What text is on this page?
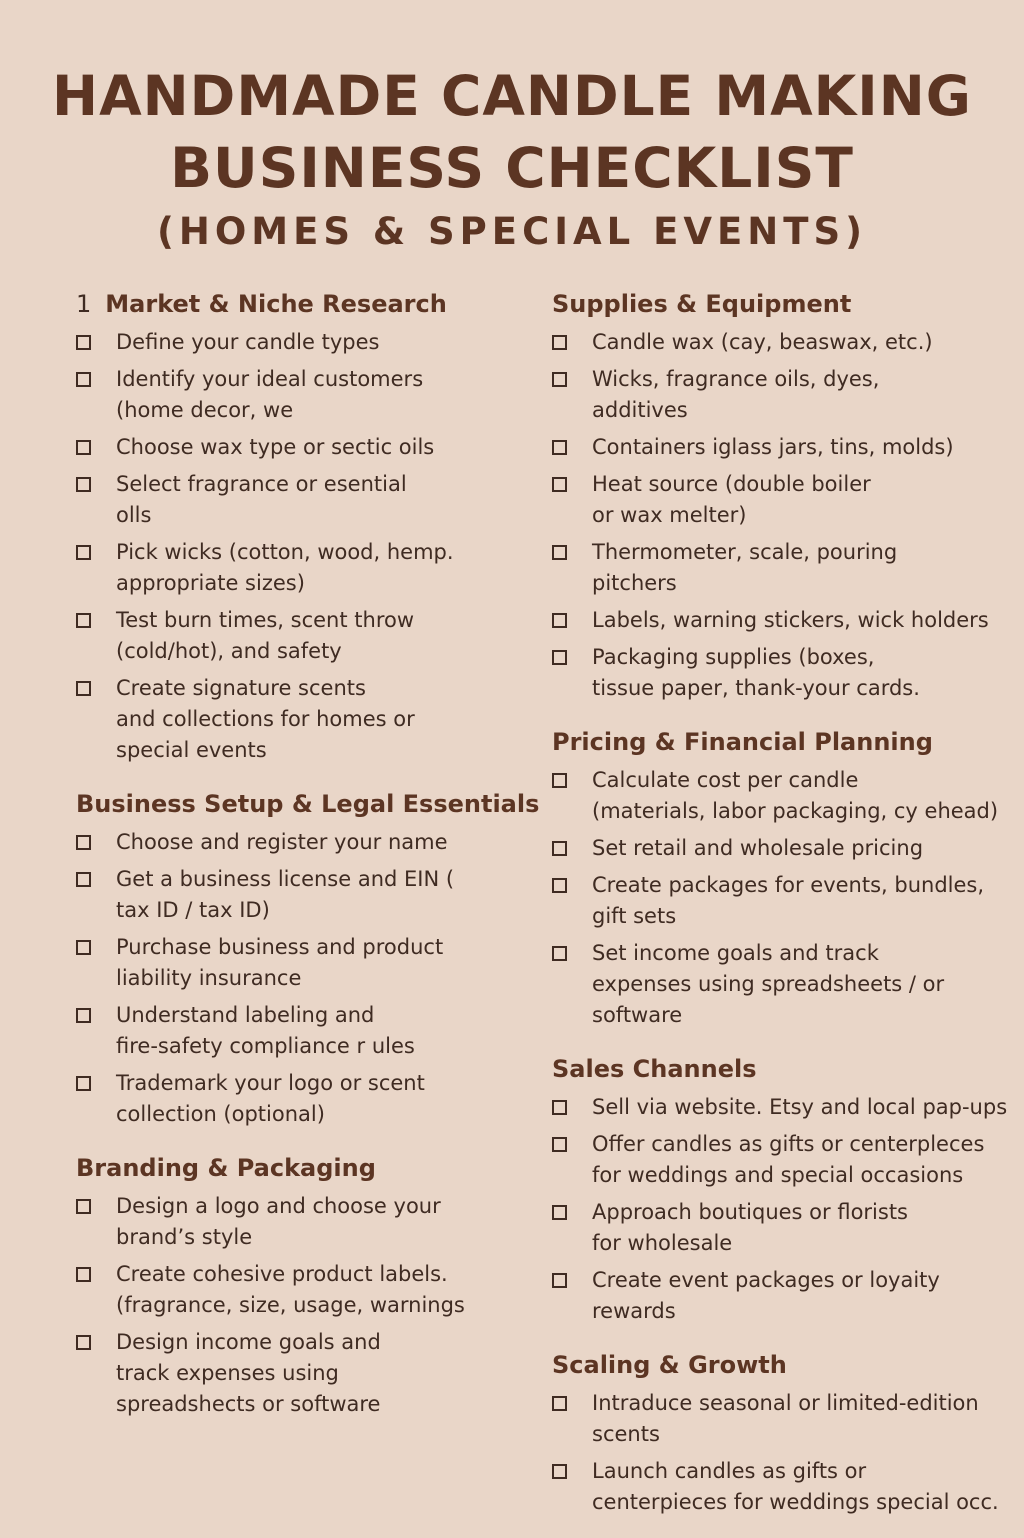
HANDMADE CANDLE MAKING

BUSINESS CHECKLIST

(HOMES & SPECIAL EVENTS)

1 Market & Niche Research
Define your candle types
Identify your ideal customers
(home decor, we
Choose wax type or sectic oils
Select fragrance or esential
olls
Pick wicks (cotton, wood, hemp.
appropriate sizes)
Test burn times, scent throw
(cold/hot), and safety
Create signature scents
and collections for homes or
special events
Business Setup & Legal Essentials
Choose and register your name
Get a business license and EIN (
tax ID / tax ID)
Purchase business and product
liability insurance
Understand labeling and
fire-safety compliance r ules
Trademark your logo or scent
collection (optional)
Branding & Packaging
Design a logo and choose your
brand’s style
Create cohesive product labels.
(fragrance, size, usage, warnings
Design income goals and
track expenses using
spreadshects or software
Supplies & Equipment
Candle wax (cay, beaswax, etc.)
Wicks, fragrance oils, dyes,
additives
Containers iglass jars, tins, molds)
Heat source (double boiler
or wax melter)
Thermometer, scale, pouring
pitchers
Labels, warning stickers, wick holders
Packaging supplies (boxes,
tissue paper, thank-your cards.
Pricing & Financial Planning
Calculate cost per candle
(materials, labor packaging, cy ehead)
Set retail and wholesale pricing
Create packages for events, bundles,
gift sets
Set income goals and track
expenses using spreadsheets / or
software
Sales Channels
Sell via website. Etsy and local pap-ups
Offer candles as gifts or centerpleces
for weddings and special occasions
Approach boutiques or florists
for wholesale
Create event packages or loyaity
rewards
Scaling & Growth
Intraduce seasonal or limited-edition
scents
Launch candles as gifts or
centerpieces for weddings special occ.
